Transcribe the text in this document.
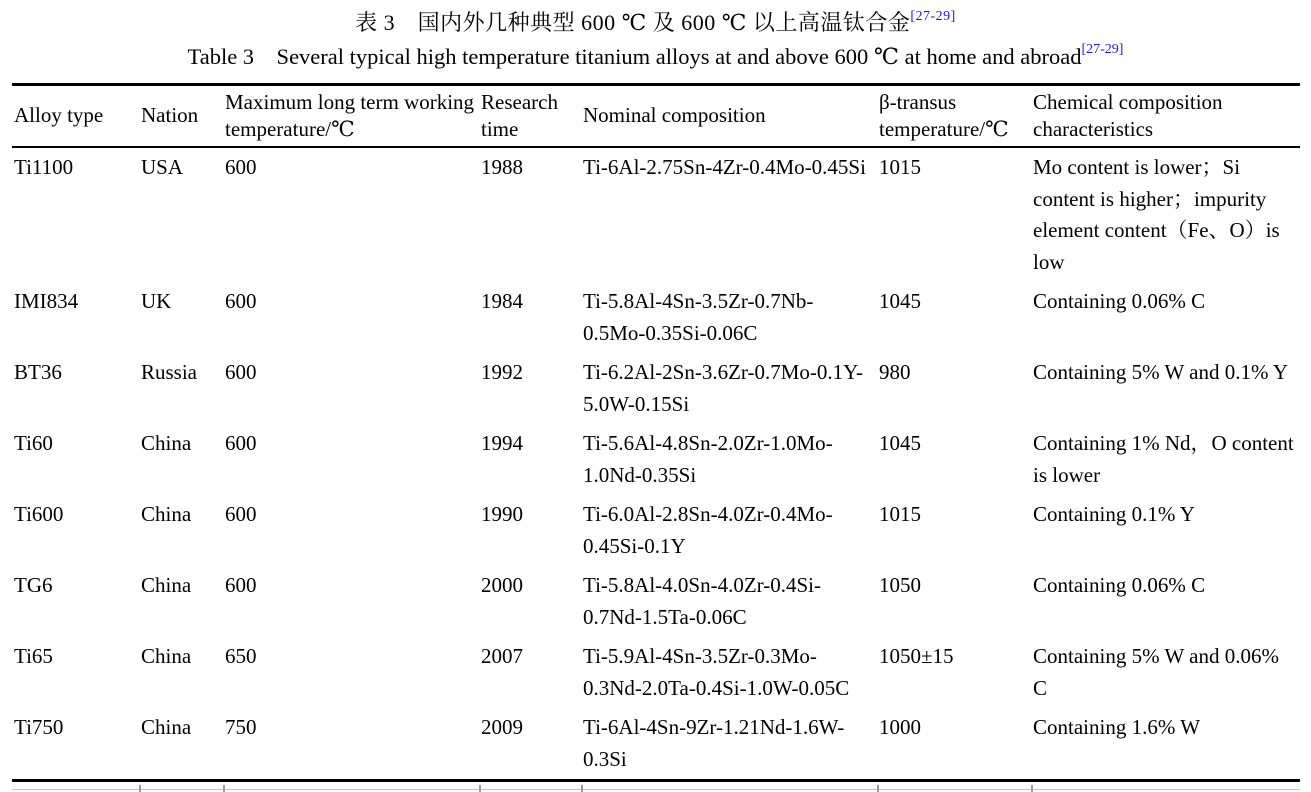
表 3　国内外几种典型 600 ℃ 及 600 ℃ 以上高温钛合金[27-29]
Table 3　Several typical high temperature titanium alloys at and above 600 ℃ at home and abroad[27-29]
Alloy type	Nation	Maximum long term working temperature/℃	Research time	Nominal composition	β-transus temperature/℃	Chemical composition characteristics
Ti1100	USA	600	1988	Ti-6Al-2.75Sn-4Zr-0.4Mo-0.45Si	1015	Mo content is lower；Si content is higher；impurity element content（Fe、O）is low
IMI834	UK	600	1984	Ti-5.8Al-4Sn-3.5Zr-0.7Nb-0.5Mo-0.35Si-0.06C	1045	Containing 0.06% C
BT36	Russia	600	1992	Ti-6.2Al-2Sn-3.6Zr-0.7Mo-0.1Y-5.0W-0.15Si	980	Containing 5% W and 0.1% Y
Ti60	China	600	1994	Ti-5.6Al-4.8Sn-2.0Zr-1.0Mo-1.0Nd-0.35Si	1045	Containing 1% Nd，O content is lower
Ti600	China	600	1990	Ti-6.0Al-2.8Sn-4.0Zr-0.4Mo-0.45Si-0.1Y	1015	Containing 0.1% Y
TG6	China	600	2000	Ti-5.8Al-4.0Sn-4.0Zr-0.4Si-0.7Nd-1.5Ta-0.06C	1050	Containing 0.06% C
Ti65	China	650	2007	Ti-5.9Al-4Sn-3.5Zr-0.3Mo-0.3Nd-2.0Ta-0.4Si-1.0W-0.05C	1050±15	Containing 5% W and 0.06% C
Ti750	China	750	2009	Ti-6Al-4Sn-9Zr-1.21Nd-1.6W-0.3Si	1000	Containing 1.6% W
